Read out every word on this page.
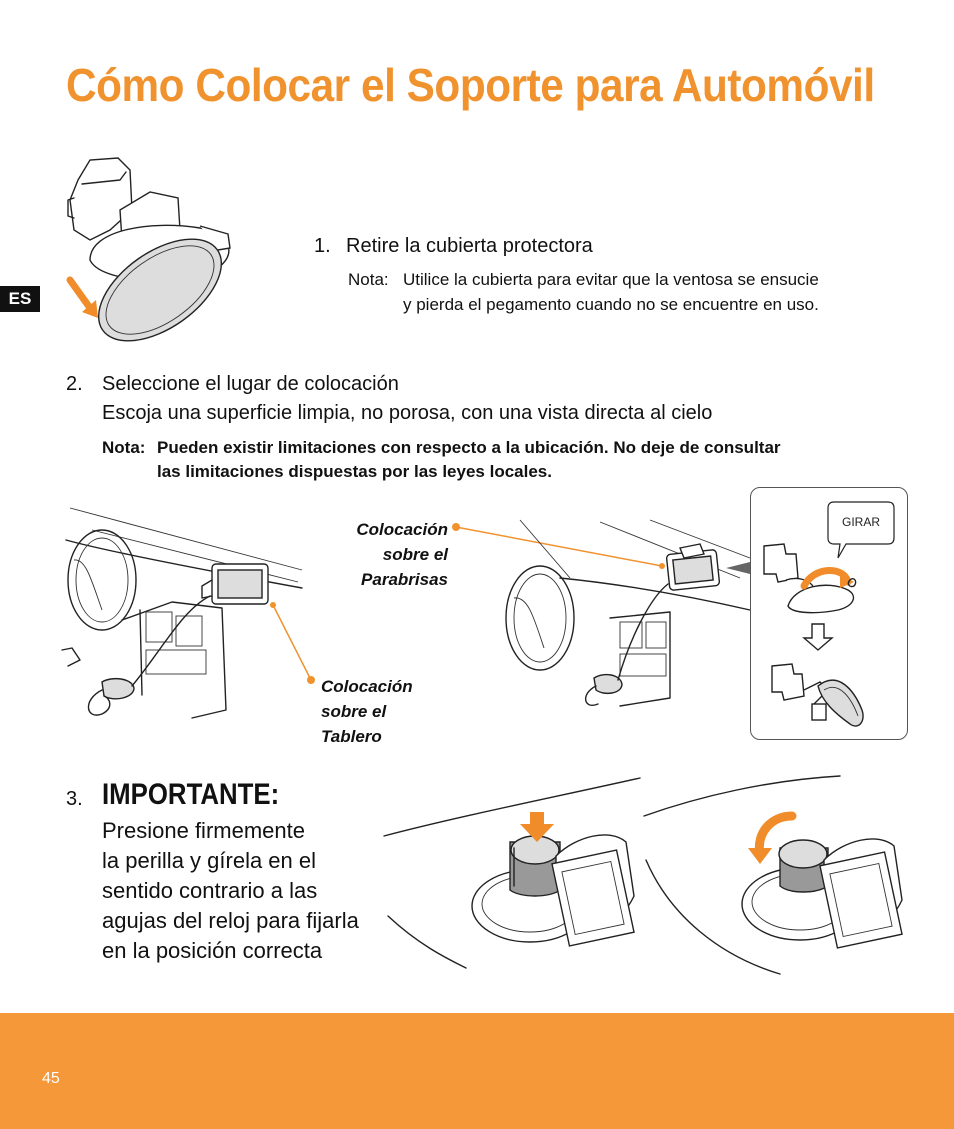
Cómo Colocar el Soporte para Automóvil
ES
1. Retire la cubierta protectora
Nota: Utilice la cubierta para evitar que la ventosa se ensucie
y pierda el pegamento cuando no se encuentre en uso.
2. Seleccione el lugar de colocación
Escoja una superficie limpia, no porosa, con una vista directa al cielo
Nota: Pueden existir limitaciones con respecto a la ubicación. No deje de consultar
las limitaciones dispuestas por las leyes locales.
Colocación
sobre el
Parabrisas
Colocación
sobre el
Tablero
GIRAR
3. IMPORTANTE:
Presione firmemente
la perilla y gírela en el
sentido contrario a las
agujas del reloj para fijarla
en la posición correcta
45
